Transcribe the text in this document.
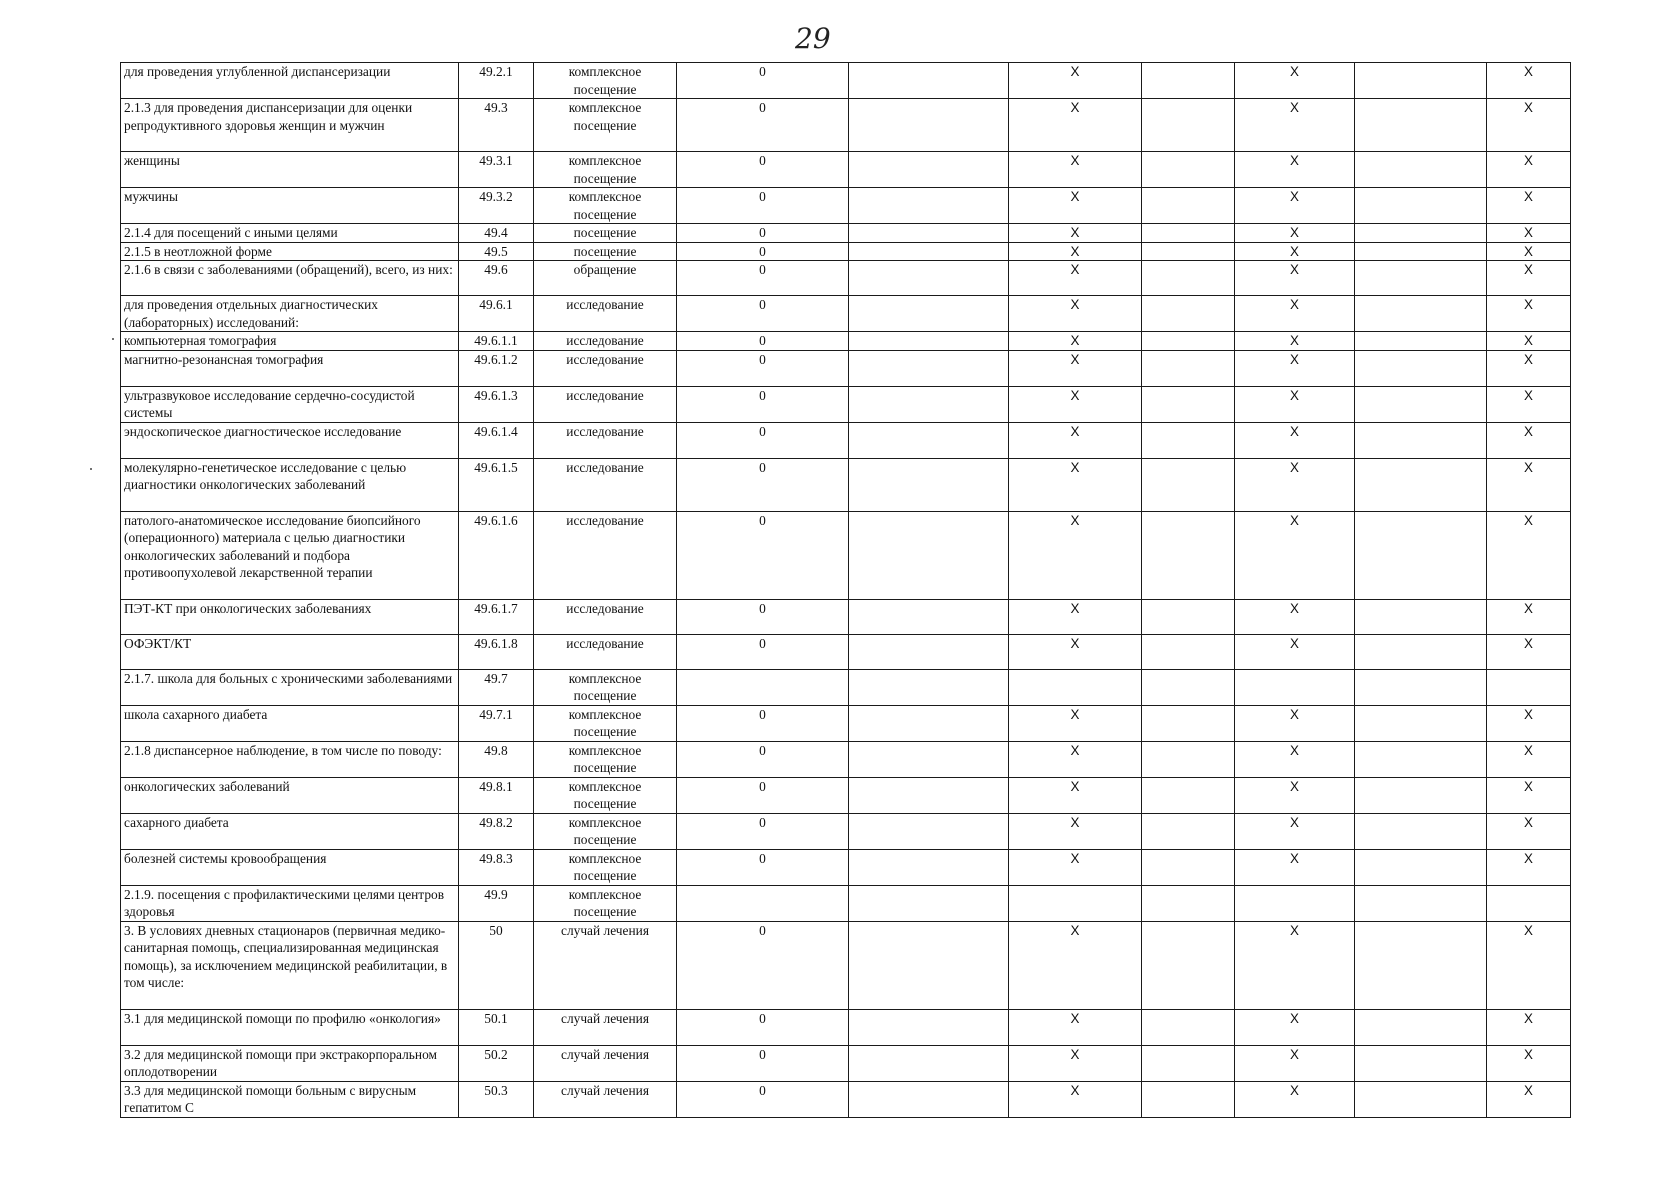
29
для проведения углубленной диспансеризации	49.2.1	комплексное посещение	0		X		X		X
2.1.3 для проведения диспансеризации для оценки репродуктивного здоровья женщин и мужчин	49.3	комплексное посещение	0		X		X		X
женщины	49.3.1	комплексное посещение	0		X		X		X
мужчины	49.3.2	комплексное посещение	0		X		X		X
2.1.4 для посещений с иными целями	49.4	посещение	0		X		X		X
2.1.5 в неотложной форме	49.5	посещение	0		X		X		X
2.1.6 в связи с заболеваниями (обращений), всего, из них:	49.6	обращение	0		X		X		X
для проведения отдельных диагностических (лабораторных) исследований:	49.6.1	исследование	0		X		X		X
компьютерная томография	49.6.1.1	исследование	0		X		X		X
магнитно-резонансная томография	49.6.1.2	исследование	0		X		X		X
ультразвуковое исследование сердечно-сосудистой системы	49.6.1.3	исследование	0		X		X		X
эндоскопическое диагностическое исследование	49.6.1.4	исследование	0		X		X		X
молекулярно-генетическое исследование с целью диагностики онкологических заболеваний	49.6.1.5	исследование	0		X		X		X
патолого-анатомическое исследование биопсийного (операционного) материала с целью диагностики онкологических заболеваний и подбора противоопухолевой лекарственной терапии	49.6.1.6	исследование	0		X		X		X
ПЭТ-КТ при онкологических заболеваниях	49.6.1.7	исследование	0		X		X		X
ОФЭКТ/КТ	49.6.1.8	исследование	0		X		X		X
2.1.7. школа для больных с хроническими заболеваниями	49.7	комплексное посещение							
школа сахарного диабета	49.7.1	комплексное посещение	0		X		X		X
2.1.8 диспансерное наблюдение, в том числе по поводу:	49.8	комплексное посещение	0		X		X		X
онкологических заболеваний	49.8.1	комплексное посещение	0		X		X		X
сахарного диабета	49.8.2	комплексное посещение	0		X		X		X
болезней системы кровообращения	49.8.3	комплексное посещение	0		X		X		X
2.1.9. посещения с профилактическими целями центров здоровья	49.9	комплексное посещение							
3. В условиях дневных стационаров (первичная медико-санитарная помощь, специализированная медицинская помощь), за исключением медицинской реабилитации, в том числе:	50	случай лечения	0		X		X		X
3.1 для медицинской помощи по профилю «онкология»	50.1	случай лечения	0		X		X		X
3.2 для медицинской помощи при экстракорпоральном оплодотворении	50.2	случай лечения	0		X		X		X
3.3 для медицинской помощи больным с вирусным гепатитом С	50.3	случай лечения	0		X		X		X
